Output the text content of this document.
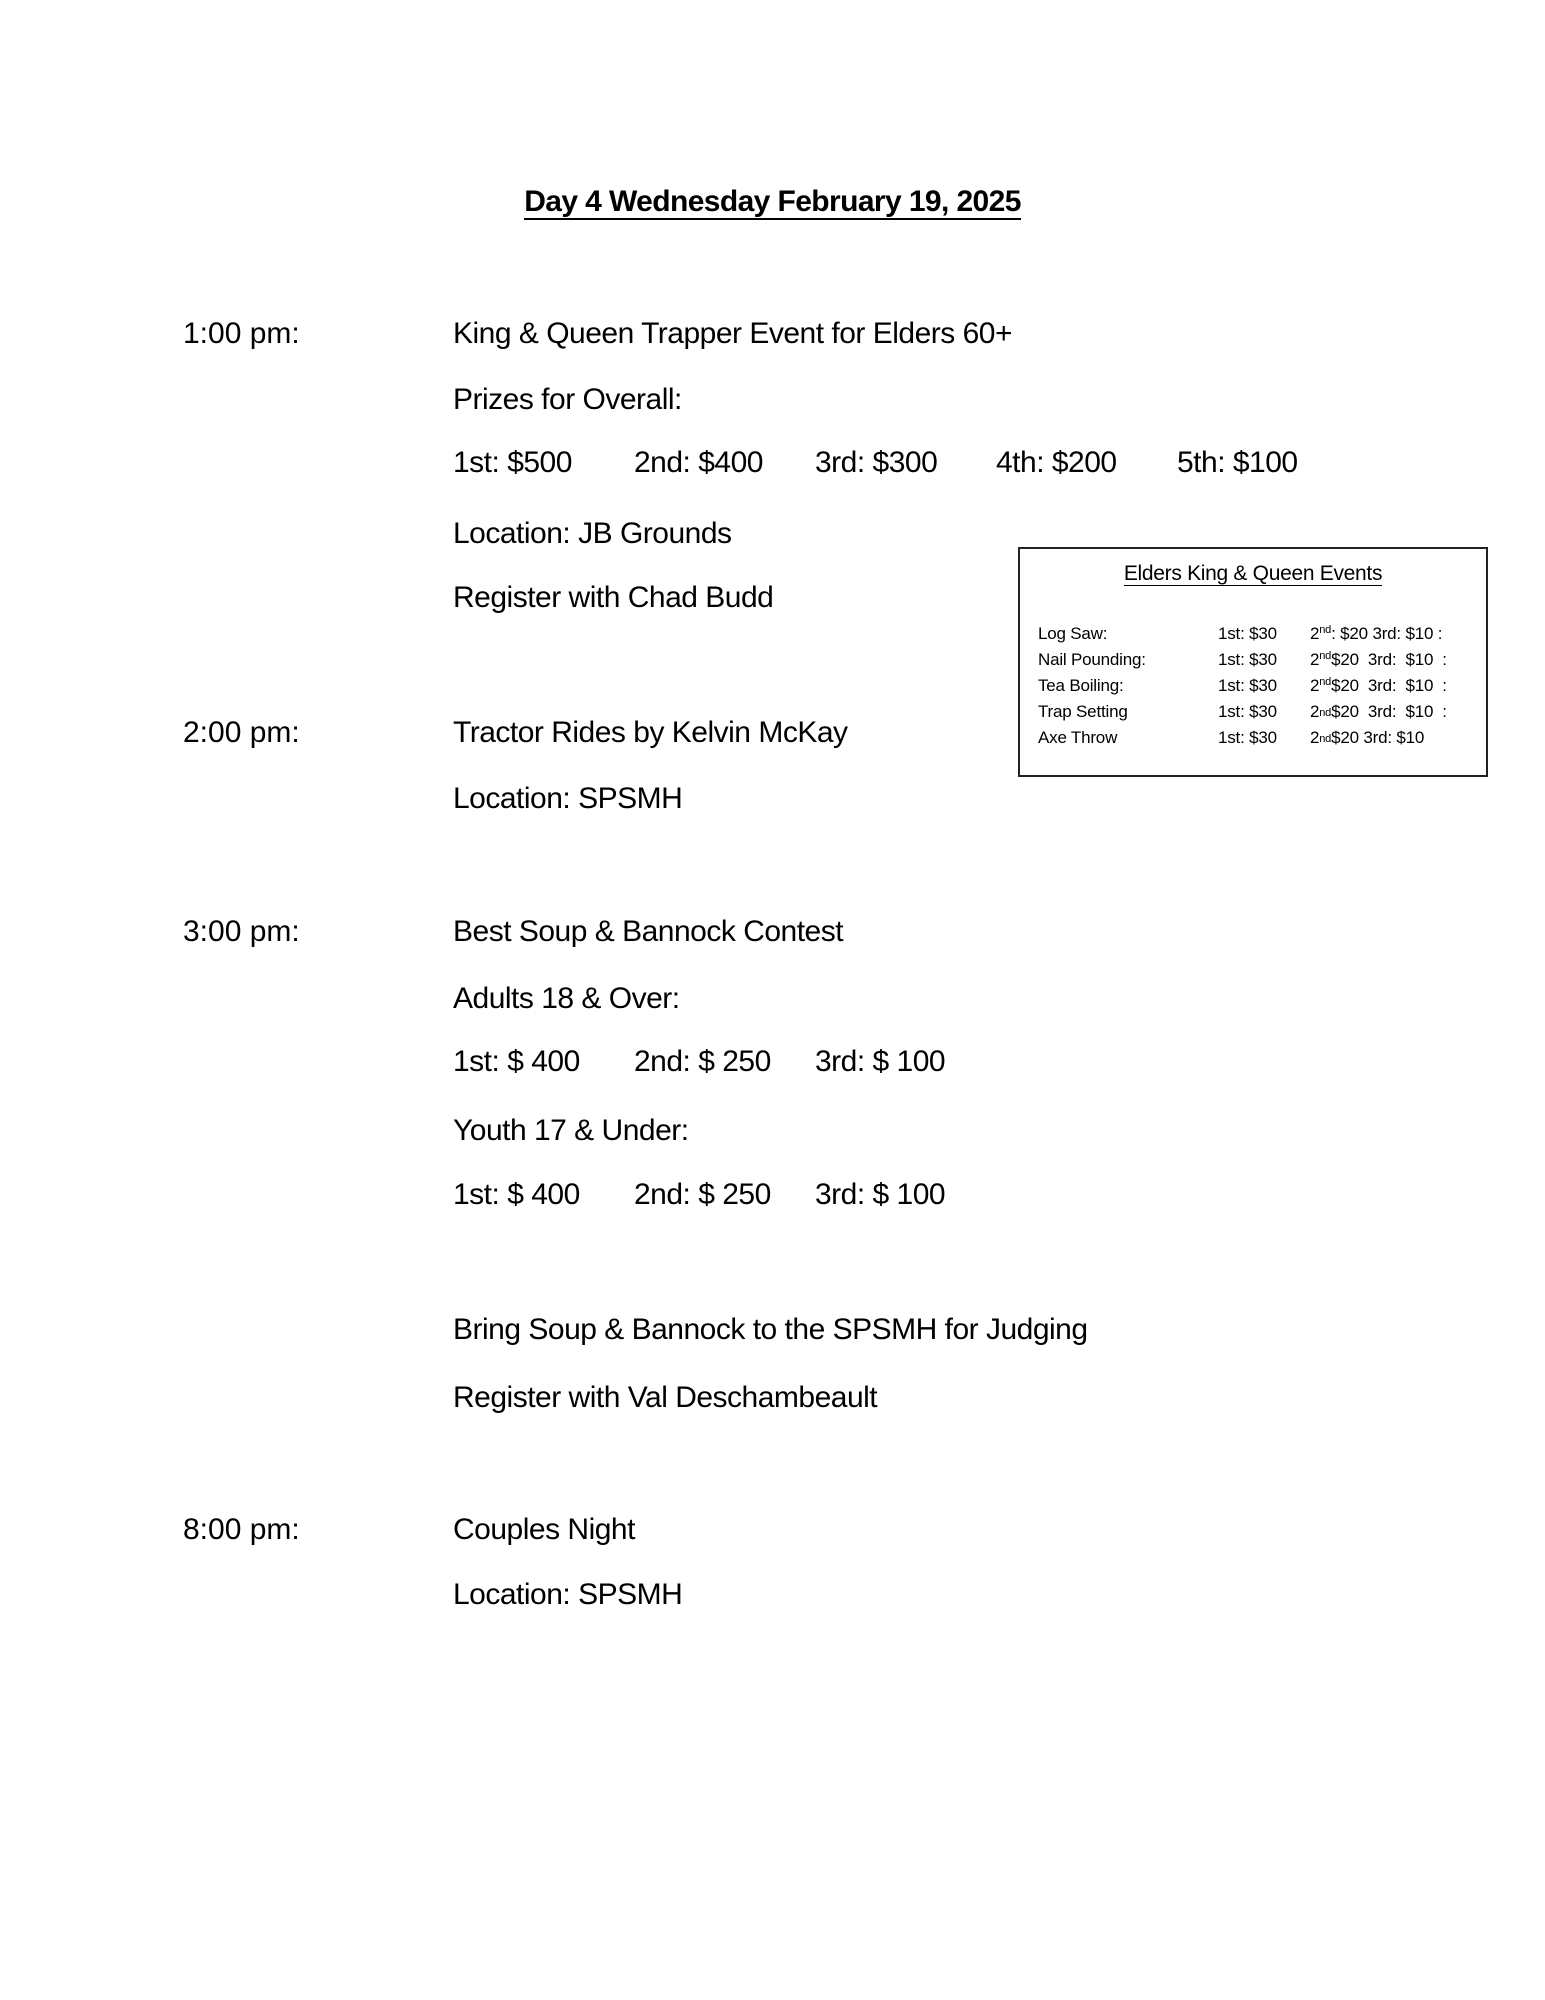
Day 4 Wednesday February 19, 2025
1:00 pm:	King & Queen Trapper Event for Elders 60+
Prizes for Overall:
1st: $500 2nd: $400 3rd: $300 4th: $200 5th: $100
Location: JB Grounds
Register with Chad Budd
Elders King & Queen Events
Log Saw:	1st: $30 2nd: $20 3rd: $10 :
Nail Pounding:	1st: $30 2nd$20  3rd:  $10  :
Tea Boiling:	1st: $30 2nd$20  3rd:  $10  :
Trap Setting	1st: $30 2nd$20  3rd:  $10  :
Axe Throw	1st: $30 2nd$20 3rd: $10
2:00 pm:	Tractor Rides by Kelvin McKay
Location: SPSMH
3:00 pm:	Best Soup & Bannock Contest
Adults 18 & Over:
1st: $ 400 2nd: $ 250 3rd: $ 100
Youth 17 & Under:
1st: $ 400 2nd: $ 250 3rd: $ 100
Bring Soup & Bannock to the SPSMH for Judging
Register with Val Deschambeault
8:00 pm:	Couples Night
Location: SPSMH
